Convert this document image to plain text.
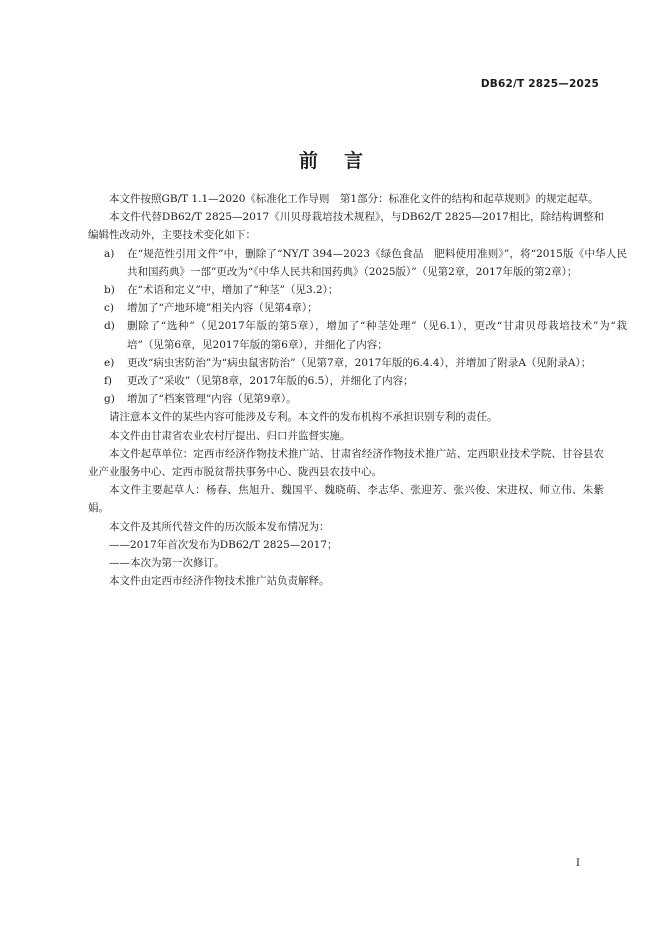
DB62/T 2825—2025
前言

本文件按照GB/T 1.1—2020《标准化工作导则　第1部分：标准化文件的结构和起草规则》的规定起草。

本文件代替DB62/T 2825—2017《川贝母栽培技术规程》，与DB62/T 2825—2017相比，除结构调整和编辑性改动外，主要技术变化如下：

a) 在“规范性引用文件”中，删除了“NY/T 394—2023《绿色食品　肥料使用准则》”，将“2015版《中华人民共和国药典》一部”更改为“《中华人民共和国药典》（2025版）”（见第2章，2017年版的第2章）；

b) 在“术语和定义”中，增加了“种茎”（见3.2）；

c) 增加了“产地环境”相关内容（见第4章）；

d) 删除了“选种”（见2017年版的第5章），增加了“种茎处理”（见6.1），更改“甘肃贝母栽培技术”为“栽培”（见第6章，见2017年版的第6章），并细化了内容；

e) 更改“病虫害防治”为“病虫鼠害防治”（见第7章，2017年版的6.4.4），并增加了附录A（见附录A）；

f) 更改了“采收”（见第8章，2017年版的6.5），并细化了内容；

g) 增加了“档案管理”内容（见第9章）。

请注意本文件的某些内容可能涉及专利。本文件的发布机构不承担识别专利的责任。

本文件由甘肃省农业农村厅提出、归口并监督实施。

本文件起草单位：定西市经济作物技术推广站、甘肃省经济作物技术推广站、定西职业技术学院、甘谷县农业产业服务中心、定西市脱贫帮扶事务中心、陇西县农技中心。

本文件主要起草人：杨春、焦旭升、魏国平、魏晓萌、李志华、张迎芳、张兴俊、宋进权、师立伟、朱紫娟。

本文件及其所代替文件的历次版本发布情况为：

——2017年首次发布为DB62/T 2825—2017；

——本次为第一次修订。

本文件由定西市经济作物技术推广站负责解释。

I
